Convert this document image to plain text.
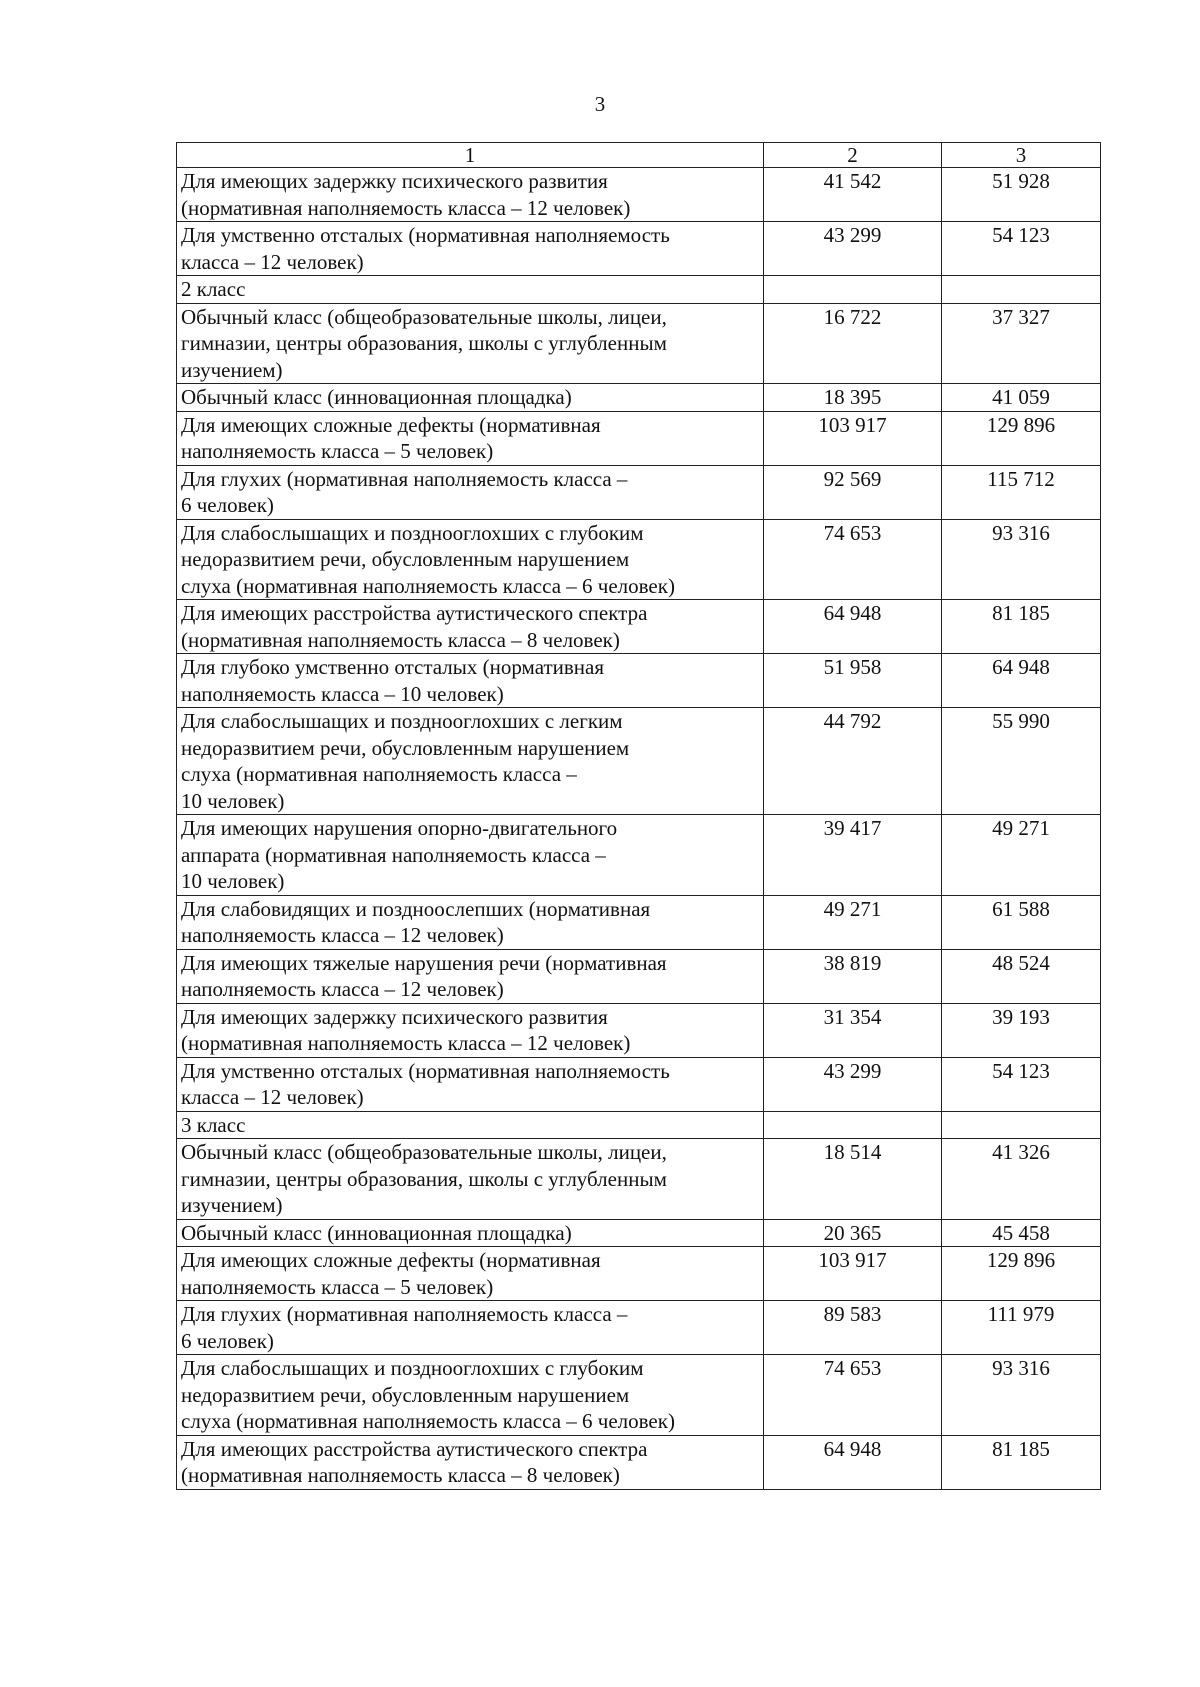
3
1	2	3

Для имеющих задержку психического развития
(нормативная наполняемость класса – 12 человек)	41 542	51 928

Для умственно отсталых (нормативная наполняемость
класса – 12 человек)	43 299	54 123

2 класс		

Обычный класс (общеобразовательные школы, лицеи,
гимназии, центры образования, школы с углубленным
изучением)	16 722	37 327

Обычный класс (инновационная площадка)	18 395	41 059

Для имеющих сложные дефекты (нормативная
наполняемость класса – 5 человек)	103 917	129 896

Для глухих (нормативная наполняемость класса –
6 человек)	92 569	115 712

Для слабослышащих и позднооглохших с глубоким
недоразвитием речи, обусловленным нарушением
слуха (нормативная наполняемость класса – 6 человек)	74 653	93 316

Для имеющих расстройства аутистического спектра
(нормативная наполняемость класса – 8 человек)	64 948	81 185

Для глубоко умственно отсталых (нормативная
наполняемость класса – 10 человек)	51 958	64 948

Для слабослышащих и позднооглохших с легким
недоразвитием речи, обусловленным нарушением
слуха (нормативная наполняемость класса –
10 человек)	44 792	55 990

Для имеющих нарушения опорно-двигательного
аппарата (нормативная наполняемость класса –
10 человек)	39 417	49 271

Для слабовидящих и поздноослепших (нормативная
наполняемость класса – 12 человек)	49 271	61 588

Для имеющих тяжелые нарушения речи (нормативная
наполняемость класса – 12 человек)	38 819	48 524

Для имеющих задержку психического развития
(нормативная наполняемость класса – 12 человек)	31 354	39 193

Для умственно отсталых (нормативная наполняемость
класса – 12 человек)	43 299	54 123

3 класс		

Обычный класс (общеобразовательные школы, лицеи,
гимназии, центры образования, школы с углубленным
изучением)	18 514	41 326

Обычный класс (инновационная площадка)	20 365	45 458

Для имеющих сложные дефекты (нормативная
наполняемость класса – 5 человек)	103 917	129 896

Для глухих (нормативная наполняемость класса –
6 человек)	89 583	111 979

Для слабослышащих и позднооглохших с глубоким
недоразвитием речи, обусловленным нарушением
слуха (нормативная наполняемость класса – 6 человек)	74 653	93 316

Для имеющих расстройства аутистического спектра
(нормативная наполняемость класса – 8 человек)	64 948	81 185
